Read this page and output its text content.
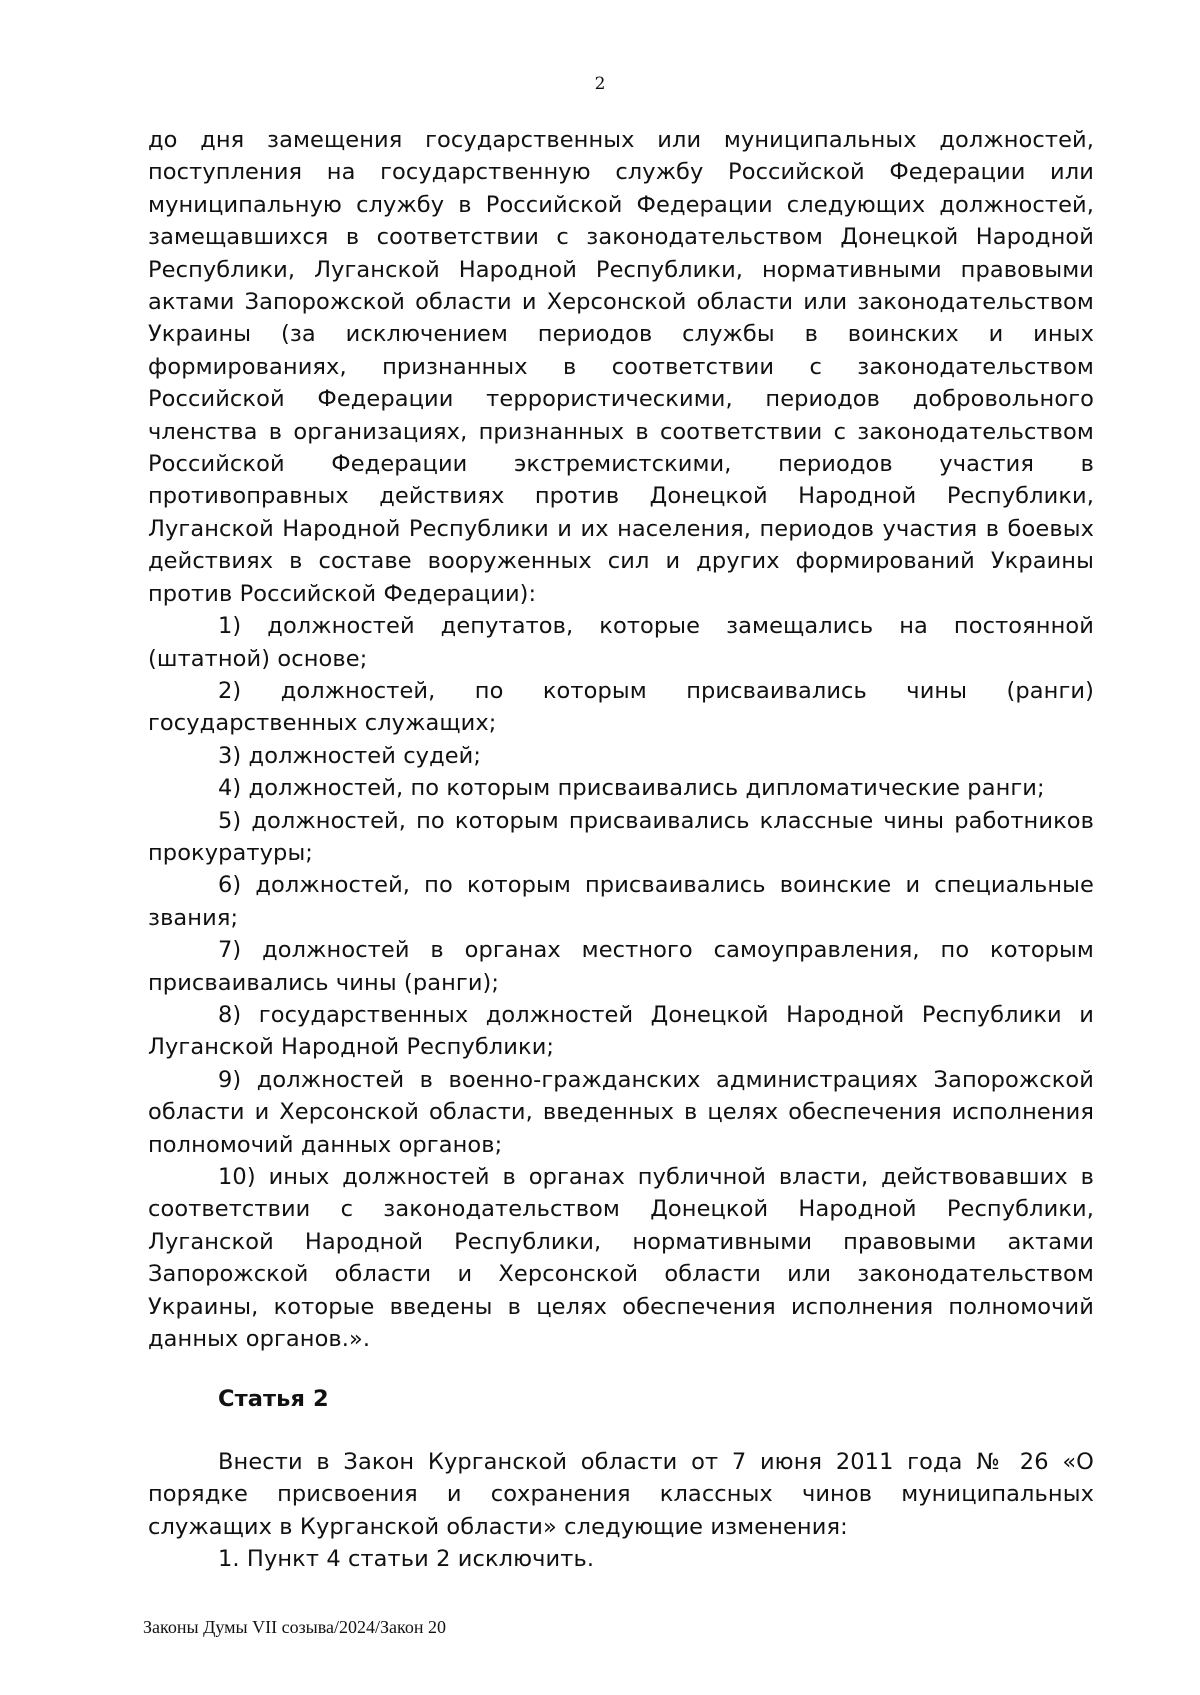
2

до дня замещения государственных или муниципальных должностей, поступления на государственную службу Российской Федерации или муниципальную службу в Российской Федерации следующих должностей, замещавшихся в соответствии с законодательством Донецкой Народной Республики, Луганской Народной Республики, нормативными правовыми актами Запорожской области и Херсонской области или законодательством Украины (за исключением периодов службы в воинских и иных формированиях, признанных в соответствии с законодательством Российской Федерации террористическими, периодов добровольного членства в организациях, признанных в соответствии с законодательством Российской Федерации экстремистскими, периодов участия в противоправных действиях против Донецкой Народной Республики, Луганской Народной Республики и их населения, периодов участия в боевых действиях в составе вооруженных сил и других формирований Украины против Российской Федерации):

1) должностей депутатов, которые замещались на постоянной (штатной) основе;

2) должностей, по которым присваивались чины (ранги) государственных служащих;

3) должностей судей;

4) должностей, по которым присваивались дипломатические ранги;

5) должностей, по которым присваивались классные чины работников прокуратуры;

6) должностей, по которым присваивались воинские и специальные звания;

7) должностей в органах местного самоуправления, по которым присваивались чины (ранги);

8) государственных должностей Донецкой Народной Республики и Луганской Народной Республики;

9) должностей в военно-гражданских администрациях Запорожской области и Херсонской области, введенных в целях обеспечения исполнения полномочий данных органов;

10) иных должностей в органах публичной власти, действовавших в соответствии с законодательством Донецкой Народной Республики, Луганской Народной Республики, нормативными правовыми актами Запорожской области и Херсонской области или законодательством Украины, которые введены в целях обеспечения исполнения полномочий данных органов.».

Статья 2

Внести в Закон Курганской области от 7 июня 2011 года № 26 «О порядке присвоения и сохранения классных чинов муниципальных служащих в Курганской области» следующие изменения:

1. Пункт 4 статьи 2 исключить.

Законы Думы VII созыва/2024/Закон 20
